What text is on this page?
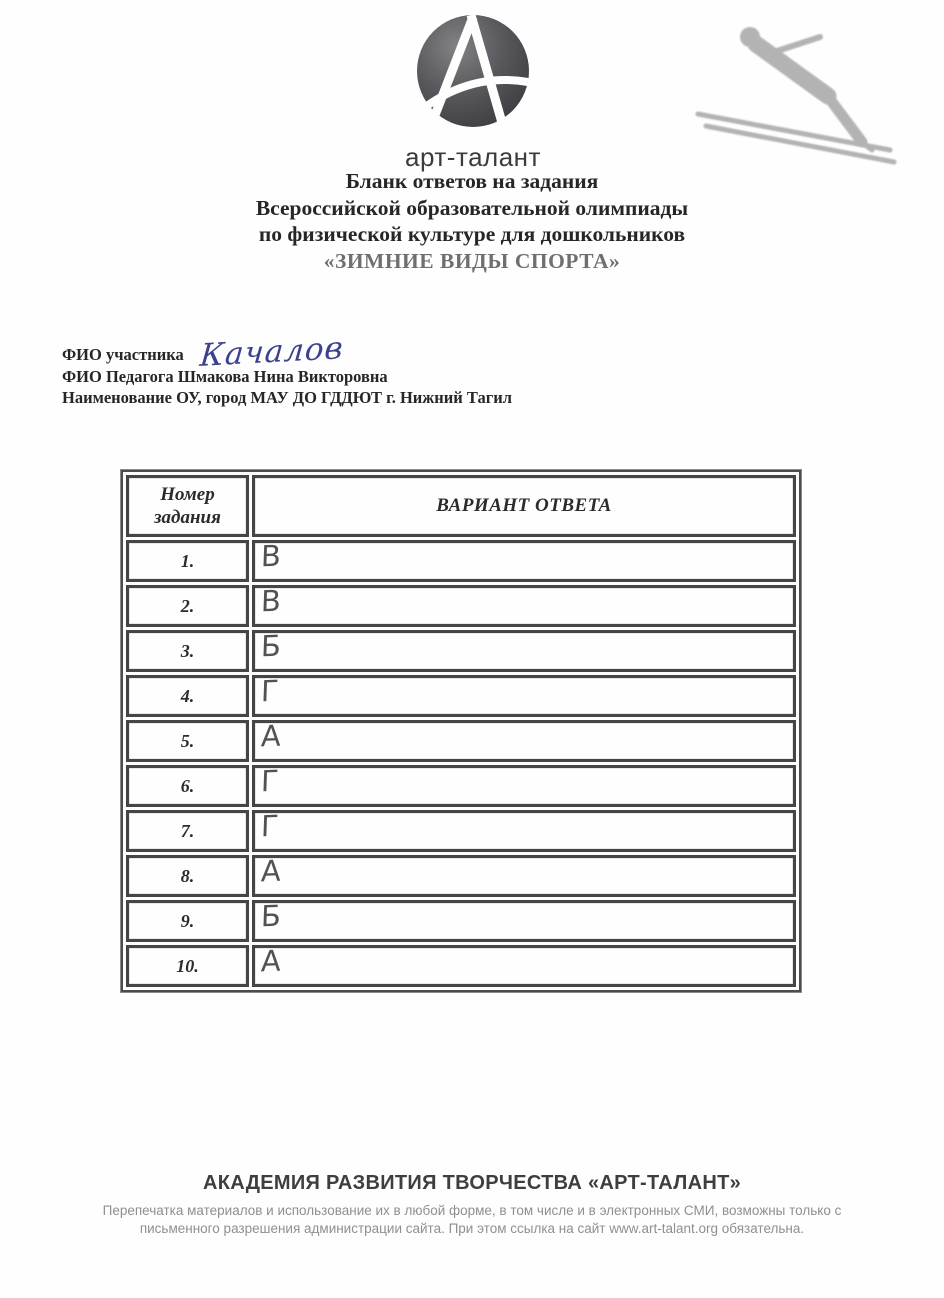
арт-талант
Бланк ответов на задания
Всероссийской образовательной олимпиады
по физической культуре для дошкольников
«ЗИМНИЕ ВИДЫ СПОРТА»
ФИО участника Качалов
ФИО Педагога Шмакова Нина Викторовна
Наименование ОУ, город МАУ ДО ГДДЮТ г. Нижний Тагил
Номер задания	ВАРИАНТ ОТВЕТА
1.	В
2.	В
3.	Б
4.	Г
5.	А
6.	Г
7.	Г
8.	А
9.	Б
10.	А
АКАДЕМИЯ РАЗВИТИЯ ТВОРЧЕСТВА «АРТ-ТАЛАНТ»
Перепечатка материалов и использование их в любой форме, в том числе и в электронных СМИ, возможны только с
письменного разрешения администрации сайта. При этом ссылка на сайт www.art-talant.org обязательна.
